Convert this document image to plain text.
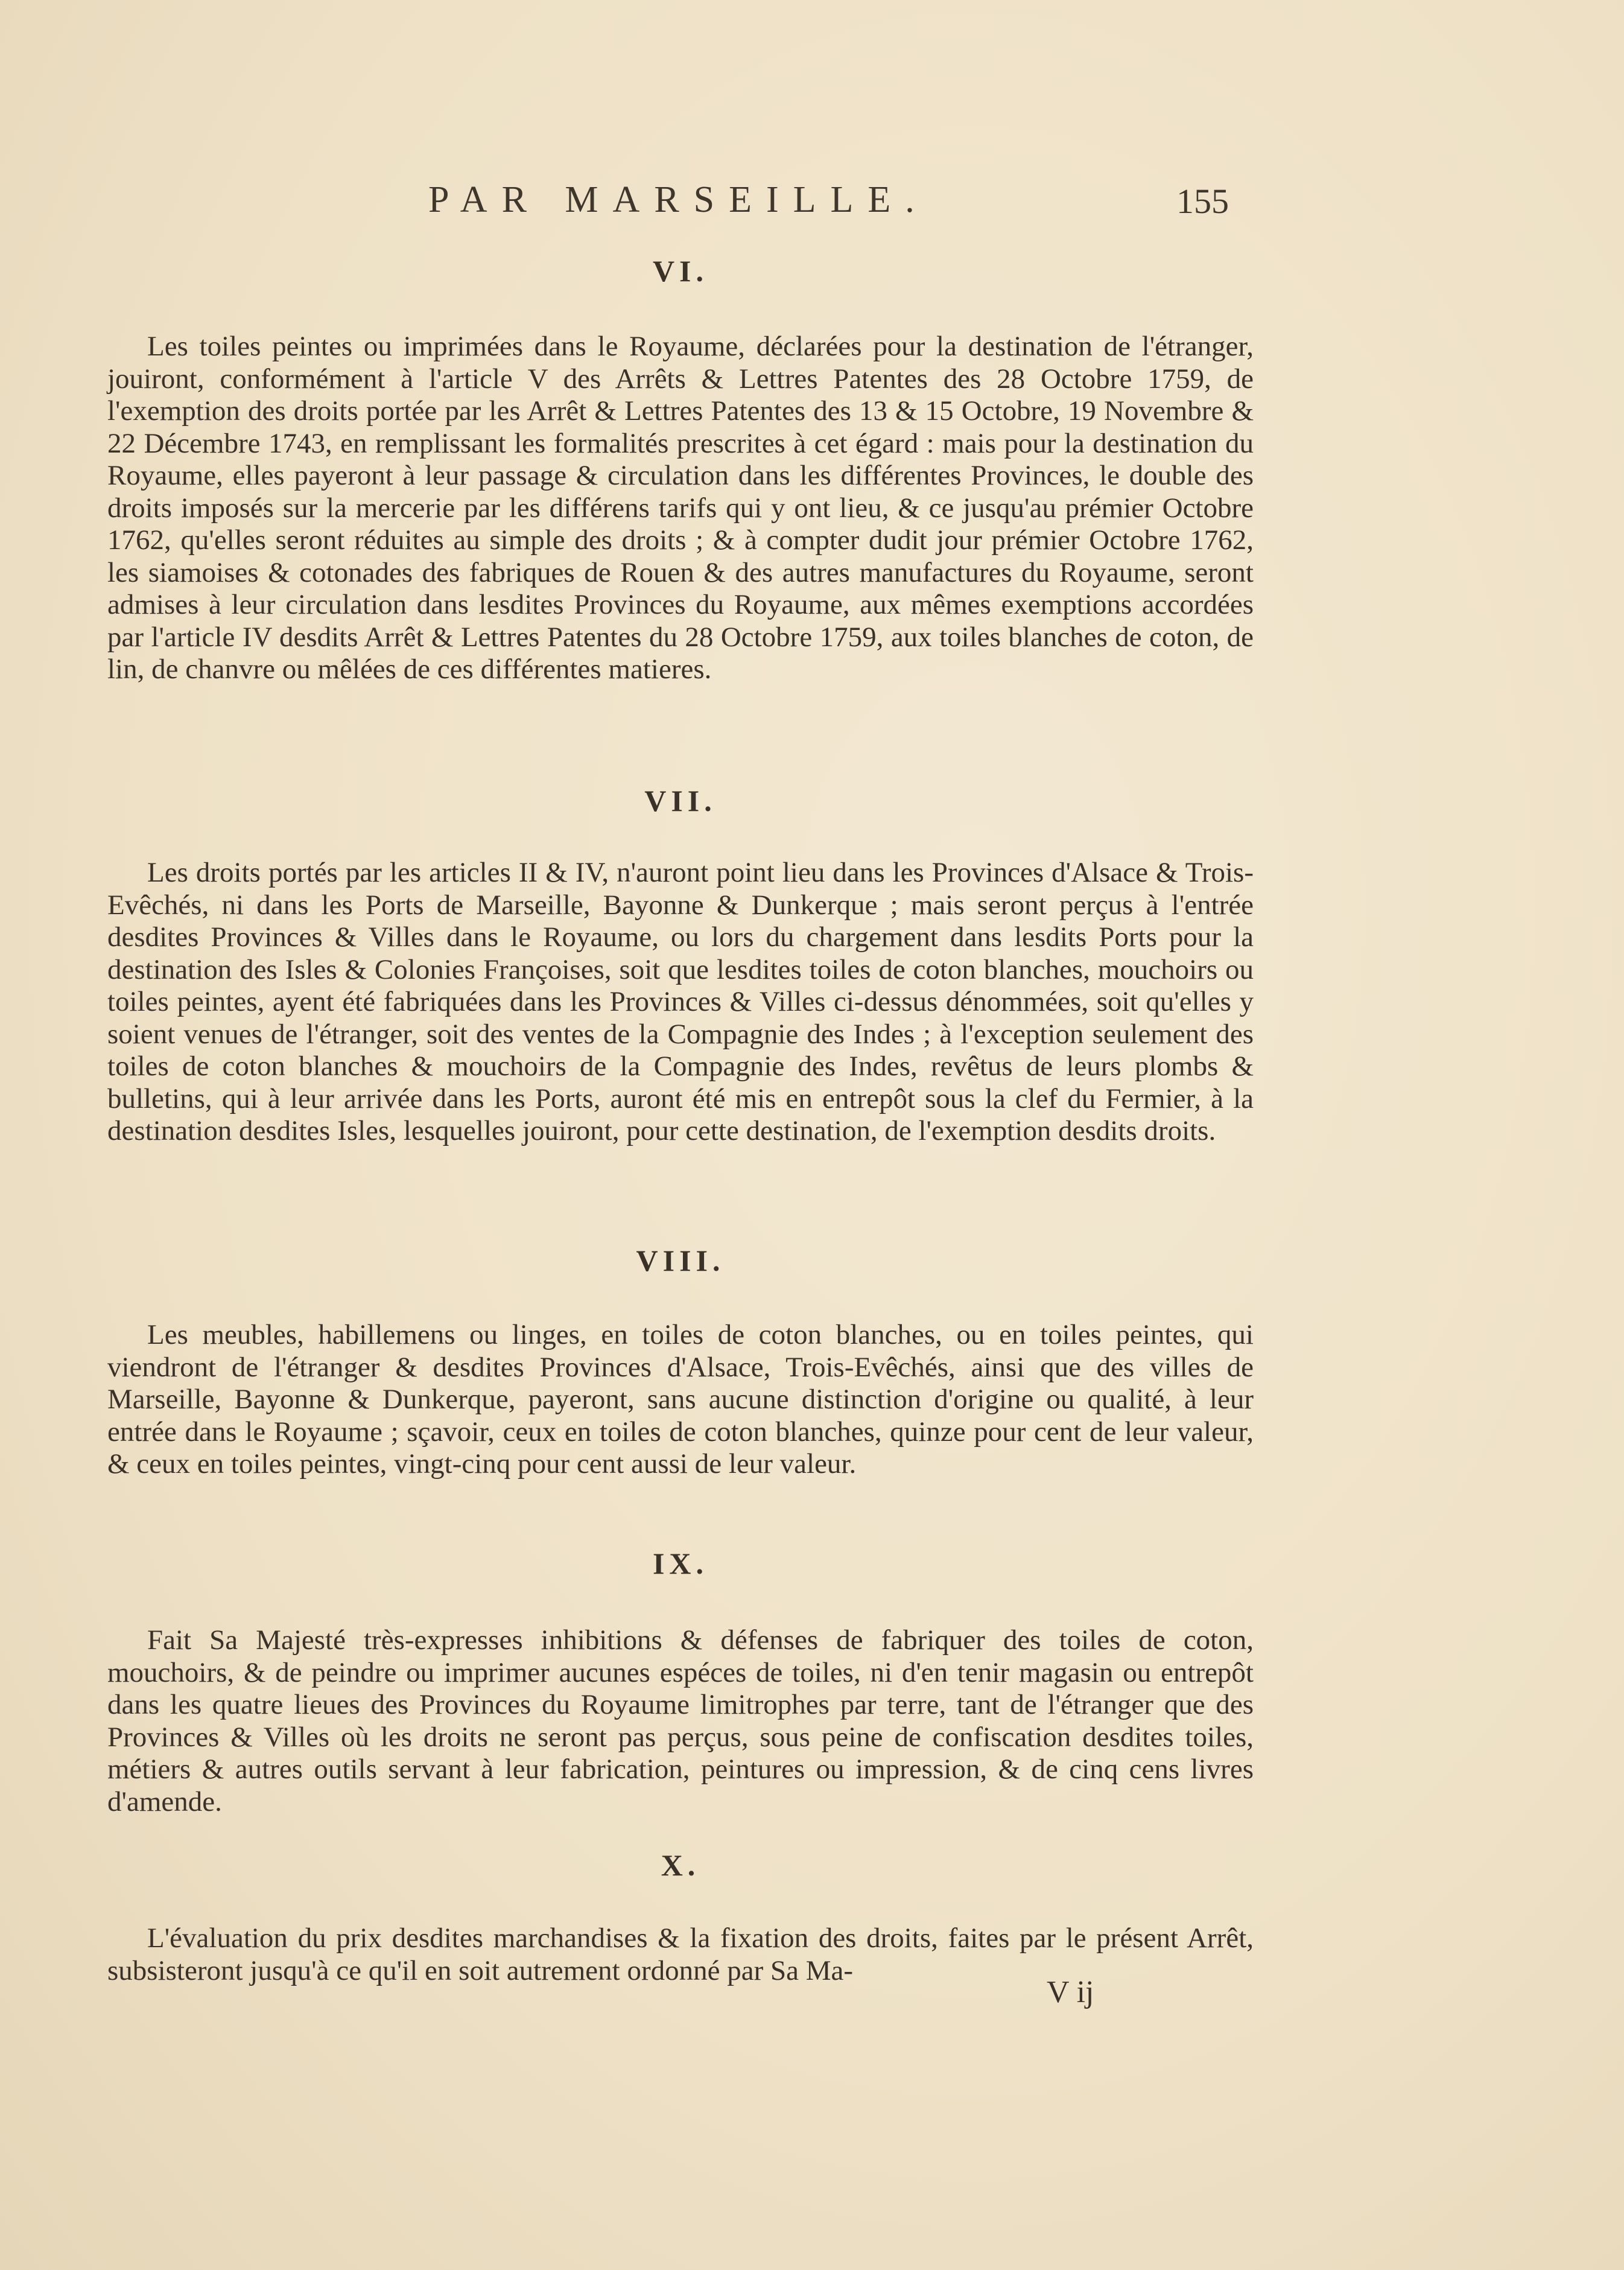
PAR MARSEILLE.	155
VI.

Les toiles peintes ou imprimées dans le Royaume, déclarées pour la destination de l'étranger, jouiront, conformément à l'article V des Arrêts & Lettres Patentes des 28 Octobre 1759, de l'exemption des droits portée par les Arrêt & Lettres Patentes des 13 & 15 Octobre, 19 Novembre & 22 Décembre 1743, en remplissant les formalités prescrites à cet égard : mais pour la destination du Royaume, elles payeront à leur passage & circulation dans les différentes Provinces, le double des droits imposés sur la mercerie par les différens tarifs qui y ont lieu, & ce jusqu'au prémier Octobre 1762, qu'elles seront réduites au simple des droits ; & à compter dudit jour prémier Octobre 1762, les siamoises & cotonades des fabriques de Rouen & des autres manufactures du Royaume, seront admises à leur circulation dans lesdites Provinces du Royaume, aux mêmes exemptions accordées par l'article IV desdits Arrêt & Lettres Patentes du 28 Octobre 1759, aux toiles blanches de coton, de lin, de chanvre ou mêlées de ces différentes matieres.

VII.

Les droits portés par les articles II & IV, n'auront point lieu dans les Provinces d'Alsace & Trois-Evêchés, ni dans les Ports de Marseille, Bayonne & Dunkerque ; mais seront perçus à l'entrée desdites Provinces & Villes dans le Royaume, ou lors du chargement dans lesdits Ports pour la destination des Isles & Colonies Françoises, soit que lesdites toiles de coton blanches, mouchoirs ou toiles peintes, ayent été fabriquées dans les Provinces & Villes ci-dessus dénommées, soit qu'elles y soient venues de l'étranger, soit des ventes de la Compagnie des Indes ; à l'exception seulement des toiles de coton blanches & mouchoirs de la Compagnie des Indes, revêtus de leurs plombs & bulletins, qui à leur arrivée dans les Ports, auront été mis en entrepôt sous la clef du Fermier, à la destination desdites Isles, lesquelles jouiront, pour cette destination, de l'exemption desdits droits.

VIII.

Les meubles, habillemens ou linges, en toiles de coton blanches, ou en toiles peintes, qui viendront de l'étranger & desdites Provinces d'Alsace, Trois-Evêchés, ainsi que des villes de Marseille, Bayonne & Dunkerque, payeront, sans aucune distinction d'origine ou qualité, à leur entrée dans le Royaume ; sçavoir, ceux en toiles de coton blanches, quinze pour cent de leur valeur, & ceux en toiles peintes, vingt-cinq pour cent aussi de leur valeur.

IX.

Fait Sa Majesté très-expresses inhibitions & défenses de fabriquer des toiles de coton, mouchoirs, & de peindre ou imprimer aucunes espéces de toiles, ni d'en tenir magasin ou entrepôt dans les quatre lieues des Provinces du Royaume limitrophes par terre, tant de l'étranger que des Provinces & Villes où les droits ne seront pas perçus, sous peine de confiscation desdites toiles, métiers & autres outils servant à leur fabrication, peintures ou impression, & de cinq cens livres d'amende.

X.

L'évaluation du prix desdites marchandises & la fixation des droits, faites par le présent Arrêt, subsisteront jusqu'à ce qu'il en soit autrement ordonné par Sa Ma-

V ij
